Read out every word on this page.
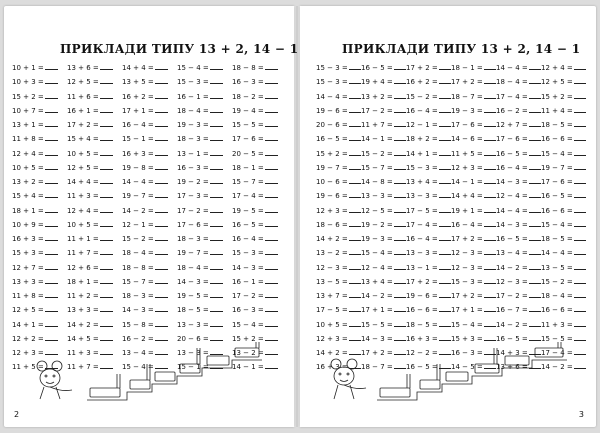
ПРИКЛАДИ ТИПУ 13 + 2, 14 − 1
10 + 1 =	13 + 6 =	14 + 4 =	15 − 4 =	18 − 8 =
10 + 3 =	12 + 5 =	13 + 5 =	15 − 3 =	16 − 3 =
15 + 2 =	11 + 6 =	16 + 2 =	16 − 1 =	18 − 2 =
10 + 7 =	16 + 1 =	17 + 1 =	18 − 4 =	19 − 4 =
13 + 1 =	17 + 2 =	16 − 4 =	19 − 3 =	15 − 5 =
11 + 8 =	15 + 4 =	15 − 1 =	18 − 3 =	17 − 6 =
12 + 4 =	10 + 5 =	16 + 3 =	13 − 1 =	20 − 5 =
10 + 5 =	12 + 5 =	19 − 8 =	16 − 3 =	18 − 1 =
13 + 2 =	14 + 4 =	14 − 4 =	19 − 2 =	15 − 7 =
15 + 4 =	11 + 3 =	19 − 7 =	17 − 3 =	17 − 4 =
18 + 1 =	12 + 4 =	14 − 2 =	17 − 2 =	19 − 5 =
10 + 9 =	10 + 5 =	12 − 1 =	17 − 6 =	16 − 5 =
16 + 3 =	11 + 1 =	15 − 2 =	18 − 3 =	16 − 4 =
15 + 3 =	11 + 7 =	18 − 4 =	19 − 7 =	15 − 3 =
12 + 7 =	12 + 6 =	18 − 8 =	18 − 4 =	14 − 3 =
13 + 3 =	18 + 1 =	15 − 7 =	14 − 3 =	16 − 1 =
11 + 8 =	11 + 2 =	18 − 3 =	19 − 5 =	17 − 2 =
12 + 5 =	13 + 3 =	14 − 3 =	18 − 5 =	16 − 3 =
14 + 1 =	14 + 2 =	15 − 8 =	13 − 3 =	15 − 4 =
12 + 2 =	14 + 5 =	16 − 2 =	20 − 6 =	15 + 2 =
12 + 3 =	11 + 3 =	13 − 4 =	13 − 3 =	13 − 2 =
11 + 5 =	11 + 7 =	15 − 4 =	15 − 1 =	14 − 1 =
2
ПРИКЛАДИ ТИПУ 13 + 2, 14 − 1
15 − 3 =	16 − 5 =	17 + 2 =	18 − 1 =	14 − 4 =	12 + 4 =
15 − 3 =	19 + 4 =	16 + 2 =	17 + 2 =	18 − 4 =	12 + 5 =
14 − 4 =	13 + 2 =	15 − 2 =	18 − 7 =	17 − 4 =	15 + 2 =
19 − 6 =	17 − 2 =	16 − 4 =	19 − 3 =	16 − 2 =	11 + 4 =
20 − 6 =	11 + 7 =	12 − 1 =	17 − 6 =	12 + 7 =	18 − 5 =
16 − 5 =	14 − 1 =	18 + 2 =	14 − 6 =	17 − 6 =	16 − 6 =
15 + 2 =	15 − 2 =	14 + 1 =	11 + 5 =	16 − 5 =	15 − 4 =
19 − 7 =	15 − 7 =	15 − 3 =	12 + 3 =	16 − 4 =	19 − 7 =
10 − 6 =	14 − 8 =	13 + 4 =	14 − 1 =	14 − 3 =	17 − 6 =
19 − 6 =	13 − 3 =	13 − 3 =	14 + 4 =	12 − 4 =	16 − 5 =
12 + 3 =	12 − 5 =	17 − 5 =	19 + 1 =	14 − 4 =	16 − 6 =
18 − 6 =	19 − 2 =	17 − 4 =	16 − 4 =	14 − 3 =	15 − 4 =
14 + 2 =	19 − 3 =	16 − 4 =	17 + 2 =	16 − 5 =	18 − 5 =
13 − 2 =	15 − 4 =	13 − 3 =	12 − 3 =	13 − 4 =	14 − 4 =
12 − 3 =	12 − 4 =	13 − 1 =	12 − 3 =	14 − 2 =	13 − 5 =
13 − 5 =	13 + 4 =	17 + 2 =	15 − 3 =	12 − 3 =	15 − 2 =
13 + 7 =	14 − 2 =	19 − 6 =	17 + 2 =	17 − 2 =	18 − 4 =
17 − 5 =	17 + 1 =	16 − 6 =	17 + 1 =	16 − 7 =	16 − 6 =
10 + 5 =	15 − 5 =	18 − 5 =	15 − 4 =	14 − 2 =	11 + 3 =
12 + 3 =	14 − 3 =	16 + 3 =	15 + 3 =	16 − 5 =	15 − 5 =
14 + 2 =	17 + 2 =	12 − 2 =	16 − 3 =	14 + 3 =	17 − 4 =
16 + 3 =	18 − 7 =	16 − 5 =	14 − 5 =	13 + 6 =	14 − 2 =
3
